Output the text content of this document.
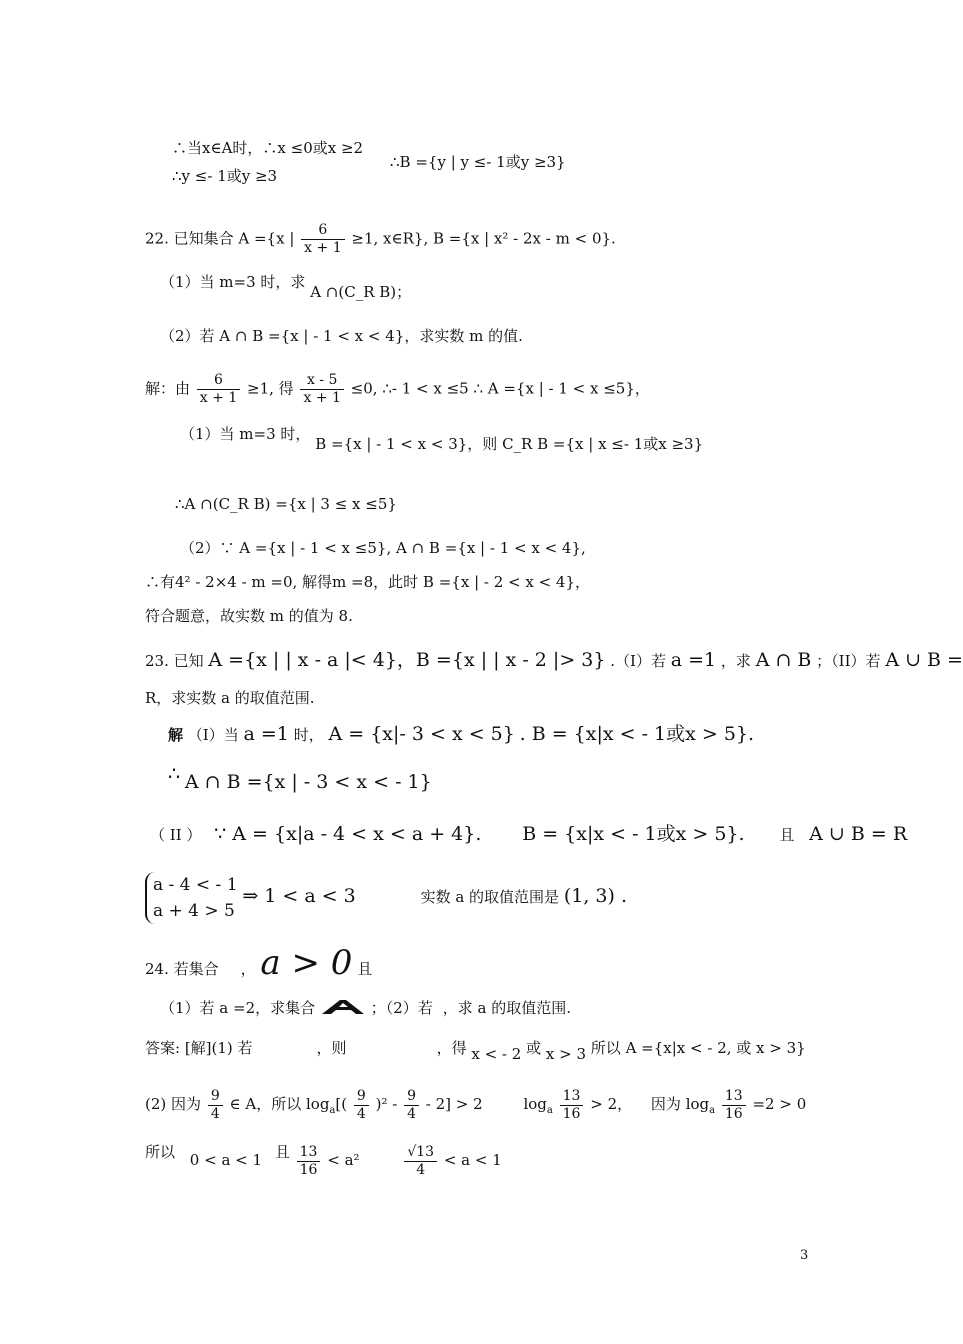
∴当x∈A时，∴x ≤0或x ≥2
∴B ={y | y ≤- 1或y ≥3}
∴y ≤- 1或y ≥3
22. 已知集合 A ={x | $\frac{6}{x + 1} \ge 1$, x∈R}, B ={x | x² - 2x - m < 0}.
（1）当 m=3 时，求 A ∩(C_R B)；
（2）若 A ∩ B ={x | - 1 < x < 4}，求实数 m 的值.
解：由 $\frac{6}{x + 1} \ge 1$, 得 $\frac{x - 5}{x + 1} \le 0$, ∴- 1 < x ≤5 ∴ A ={x | - 1 < x ≤5}，
（1）当 m=3 时， B ={x | - 1 < x < 3}，则 C_R B ={x | x ≤- 1或x ≥3}
∴A ∩(C_R B) ={x | 3 ≤ x ≤5}
（2）∵ A ={x | - 1 < x ≤5}, A ∩ B ={x | - 1 < x < 4},
∴有4² - 2×4 - m =0, 解得m =8，此时 B ={x | - 2 < x < 4}，
符合题意，故实数 m 的值为 8.
23. 已知 A ={x | | x - a |< 4}，B ={x | | x - 2 |> 3} .（I）若 a =1 ，求 A ∩ B ；（II）若 A ∪ B =
R，求实数 a 的取值范围.
解 （I）当 a =1 时， A = {x|- 3 < x < 5} . B = {x|x < - 1或x > 5}.
∴ A ∩ B ={x | - 3 < x < - 1}
（ II ） ∵ A = {x|a - 4 < x < a + 4}. B = {x|x < - 1或x > 5}. 且 A ∪ B = R
a - 4 < - 1
a + 4 > 5
⇒ 1 < a < 3	实数 a 的取值范围是 (1, 3) .
24. 若集合 ， a > 0 且
（1）若 a =2，求集合	；（2）若 ，求 a 的取值范围.
答案: [解](1) 若	，则	，得 x < - 2 或 x > 3 所以 A ={x|x < - 2, 或 x > 3}
(2) 因为 $\frac{9}{4}$ ∈ A，所以 $\log_a[( \frac{9}{4} )^2 - \frac{9}{4} - 2] > 2$	$\log_a \frac{13}{16} > 2$， 因为 $\log_a \frac{13}{16} =2 > 0$
所以 0 < a < 1 且 $\frac{13}{16} < a^2$	$\frac{√13}{4} < a < 1$
3
